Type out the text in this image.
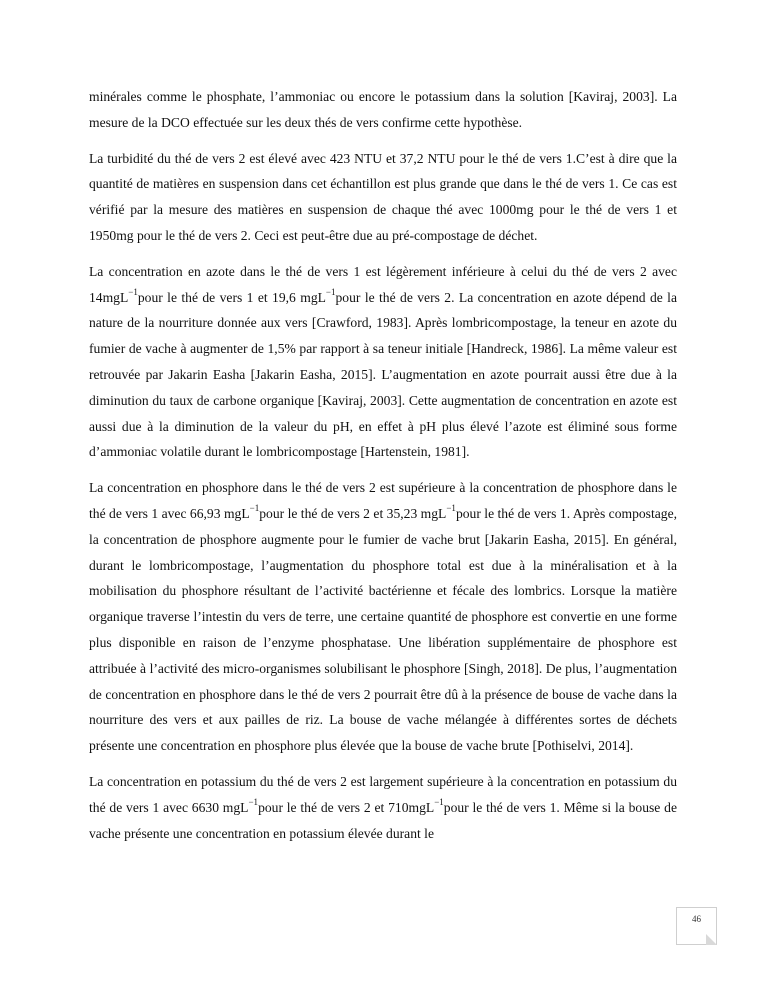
minérales comme le phosphate, l’ammoniac ou encore le potassium dans la solution [Kaviraj, 2003]. La mesure de la DCO effectuée sur les deux thés de vers confirme cette hypothèse.

La turbidité du thé de vers 2 est élevé avec 423 NTU et 37,2 NTU pour le thé de vers 1.C’est à dire que la quantité de matières en suspension dans cet échantillon est plus grande que dans le thé de vers 1. Ce cas est vérifié par la mesure des matières en suspension de chaque thé avec 1000mg pour le thé de vers 1 et 1950mg pour le thé de vers 2. Ceci est peut-être due au pré-compostage de déchet.

La concentration en azote dans le thé de vers 1 est légèrement inférieure à celui du thé de vers 2 avec 14mgL$^{-1}$pour le thé de vers 1 et 19,6 mgL$^{-1}$pour le thé de vers 2. La concentration en azote dépend de la nature de la nourriture donnée aux vers [Crawford, 1983]. Après lombricompostage, la teneur en azote du fumier de vache à augmenter de 1,5% par rapport à sa teneur initiale [Handreck, 1986]. La même valeur est retrouvée par Jakarin Easha [Jakarin Easha, 2015]. L’augmentation en azote pourrait aussi être due à la diminution du taux de carbone organique [Kaviraj, 2003]. Cette augmentation de concentration en azote est aussi due à la diminution de la valeur du pH, en effet à pH plus élevé l’azote est éliminé sous forme d’ammoniac volatile durant le lombricompostage [Hartenstein, 1981].

La concentration en phosphore dans le thé de vers 2 est supérieure à la concentration de phosphore dans le thé de vers 1 avec 66,93 mgL$^{-1}$pour le thé de vers 2 et 35,23 mgL$^{-1}$pour le thé de vers 1. Après compostage, la concentration de phosphore augmente pour le fumier de vache brut [Jakarin Easha, 2015]. En général, durant le lombricompostage, l’augmentation du phosphore total est due à la minéralisation et à la mobilisation du phosphore résultant de l’activité bactérienne et fécale des lombrics. Lorsque la matière organique traverse l’intestin du vers de terre, une certaine quantité de phosphore est convertie en une forme plus disponible en raison de l’enzyme phosphatase. Une libération supplémentaire de phosphore est attribuée à l’activité des micro-organismes solubilisant le phosphore [Singh, 2018]. De plus, l’augmentation de concentration en phosphore dans le thé de vers 2 pourrait être dû à la présence de bouse de vache dans la nourriture des vers et aux pailles de riz. La bouse de vache mélangée à différentes sortes de déchets présente une concentration en phosphore plus élevée que la bouse de vache brute [Pothiselvi, 2014].

La concentration en potassium du thé de vers 2 est largement supérieure à la concentration en potassium du thé de vers 1 avec 6630 mgL$^{-1}$pour le thé de vers 2 et 710mgL$^{-1}$pour le thé de vers 1. Même si la bouse de vache présente une concentration en potassium élevée durant le

46
